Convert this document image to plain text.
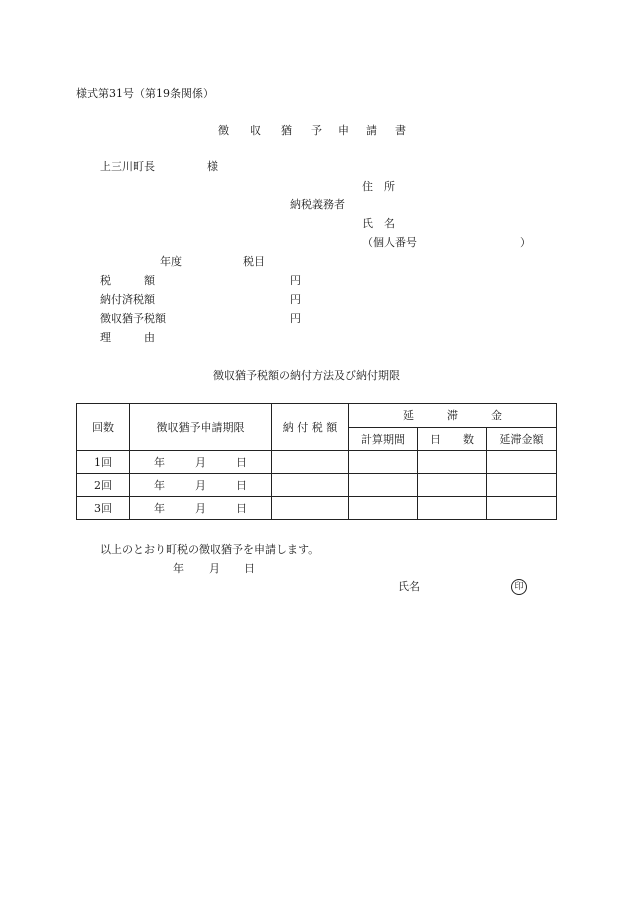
様式第31号（第19条関係）
徴 収 猶 予 申 請 書
上三川町長	様
住　所
納税義務者
氏　名
（個人番号	）
年度	税目
税　　　額	円
納付済税額	円
徴収猶予税額	円
理　　　由
徴収猶予税額の納付方法及び納付期限
回数	徴収猶予申請期限	納 付 税 額	延　　　滞　　　金		
			計算期間	日　　数	延滞金額
1回	年 月 日				

2回	年 月 日				

3回	年 月 日				

以上のとおり町税の徴収猶予を申請します。
年 月 日
氏名	印
